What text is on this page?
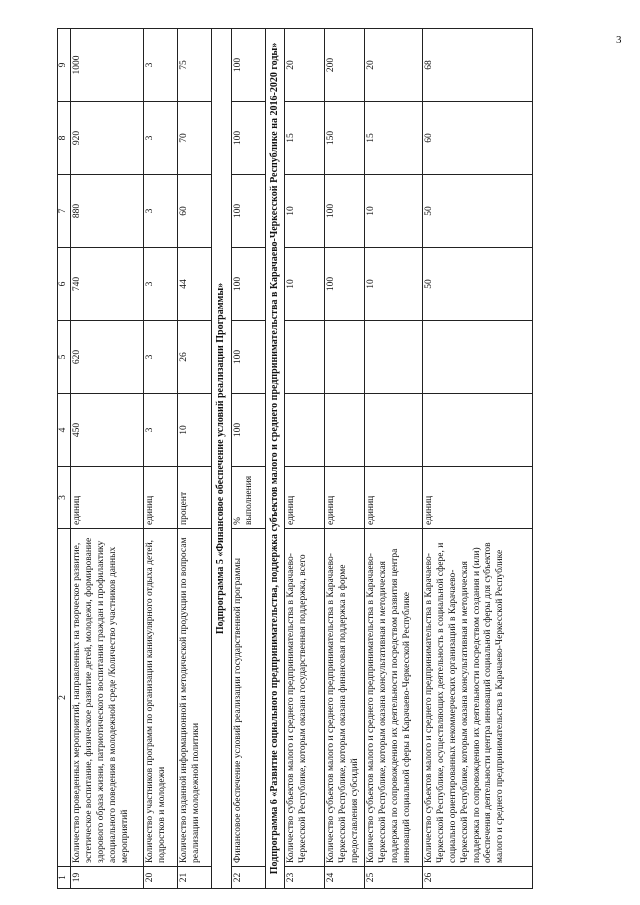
3
1	2	3	4	5	6	7	8	9
19	Количество проведенных мероприятий, направленных на творческое развитие, эстетическое воспитание, физическое развитие детей, молодежи, формирование здорового образа жизни, патриотического воспитания граждан и профилактику асоциального поведения в молодежной среде /Количество участников данных мероприятий	единиц	450	620	740	880	920	1000
20	Количество участников программ по организации каникулярного отдыха детей, подростков и молодежи	единиц	3	3	3	3	3	3
21	Количество изданной информационной и методической продукции по вопросам реализации молодежной политики	процент	10	26	44	60	70	75
Подпрограмма 5 «Финансовое обеспечение условий реализации Программы»								
22	Финансовое обеспечение условий реализации государственной программы	% выполнения	100	100	100	100	100	100
Подпрограмма 6 «Развитие социального предпринимательства, поддержка субъектов малого и среднего предпринимательства в Карачаево-Черкесской Республике на 2016-2020 годы»								
23	Количество субъектов малого и среднего предпринимательства в Карачаево-Черкесской Республике, которым оказана государственная поддержка, всего	единиц			10	10	15	20
24	Количество субъектов малого и среднего предпринимательства в Карачаево-Черкесской Республике, которым оказана финансовая поддержка в форме предоставления субсидий	единиц			100	100	150	200
25	Количество субъектов малого и среднего предпринимательства в Карачаево-Черкесской Республике, которым оказана консультативная и методическая поддержка по сопровождению их деятельности посредством развития центра инноваций социальной сферы в Карачаево-Черкесской Республике	единиц			10	10	15	20
26	Количество субъектов малого и среднего предпринимательства в Карачаево-Черкесской Республике, осуществляющих деятельность в социальной сфере, и социально ориентированных некоммерческих организаций в Карачаево-Черкесской Республике, которым оказана консультативная и методическая поддержка по сопровождению их деятельности посредством создания и (или) обеспечения деятельности центра инноваций социальной сферы для субъектов малого и среднего предпринимательства в Карачаево-Черкесской Республике	единиц			50	50	60	68
